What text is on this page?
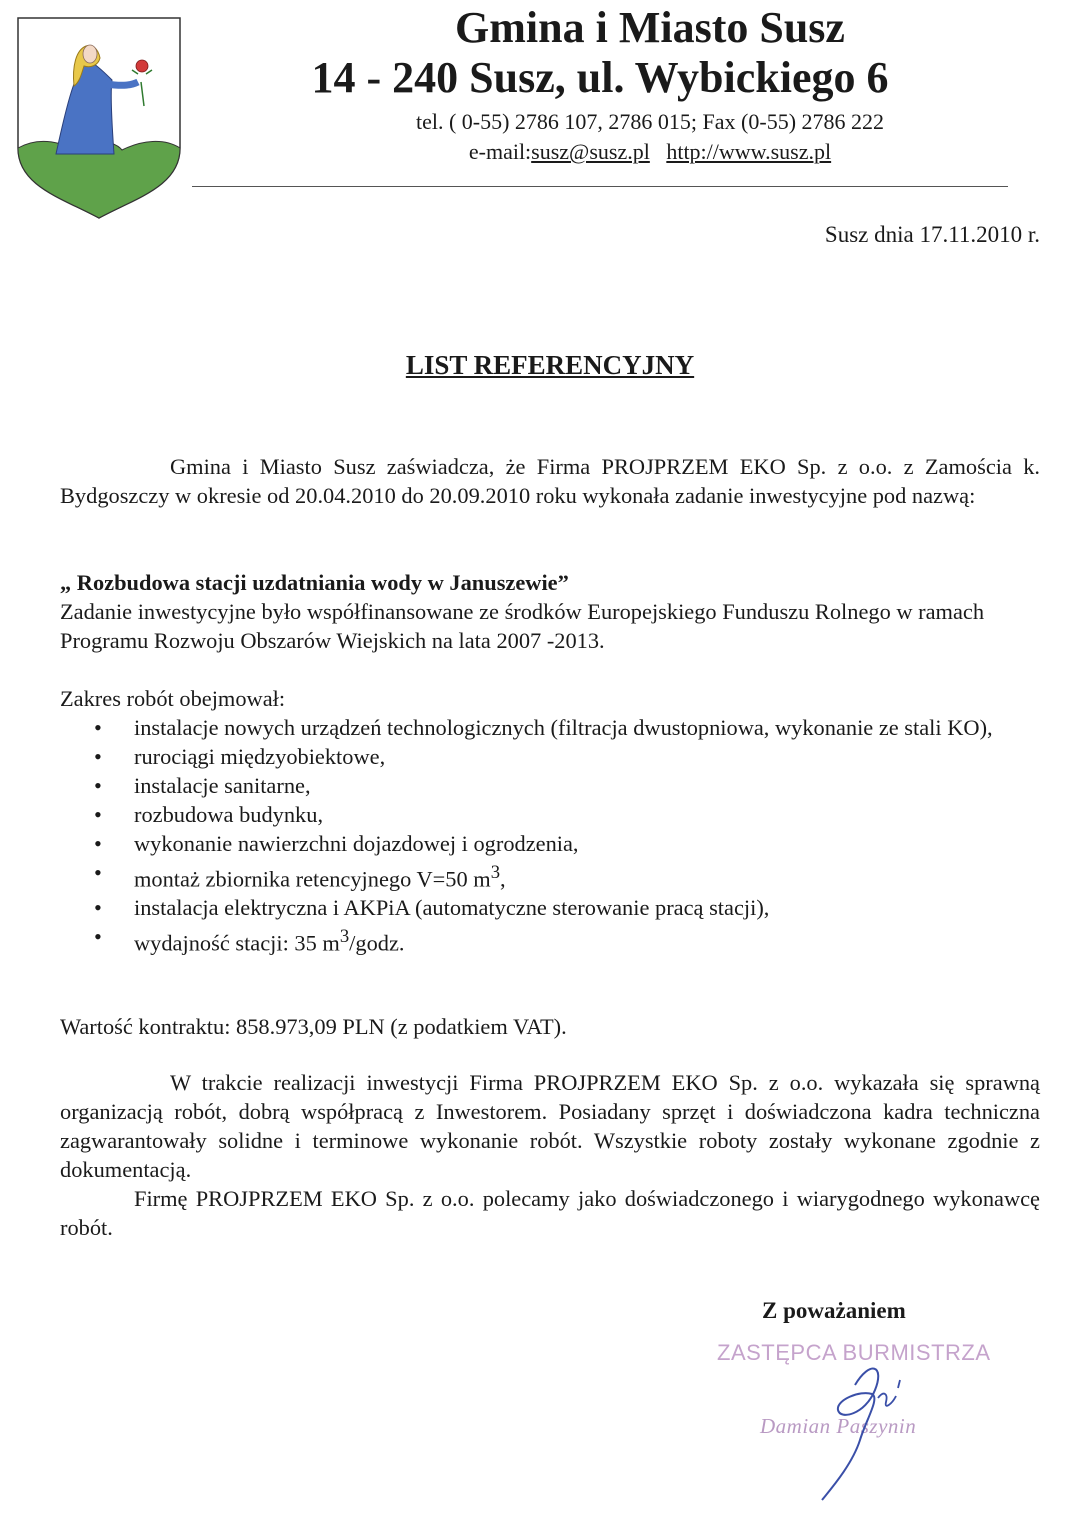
Gmina i Miasto Susz
14 - 240 Susz, ul. Wybickiego 6
tel. ( 0-55) 2786 107, 2786 015; Fax (0-55) 2786 222
e-mail:susz@susz.pl http://www.susz.pl
Susz dnia 17.11.2010 r.
LIST REFERENCYJNY

Gmina i Miasto Susz zaświadcza, że Firma PROJPRZEM EKO Sp. z o.o. z Zamościa k. Bydgoszczy w okresie od 20.04.2010 do 20.09.2010 roku wykonała zadanie inwestycyjne pod nazwą:

„ Rozbudowa stacji uzdatniania wody w Januszewie”

Zadanie inwestycyjne było współfinansowane ze środków Europejskiego Funduszu Rolnego w ramach Programu Rozwoju Obszarów Wiejskich na lata 2007 -2013.

Zakres robót obejmował:

• instalacje nowych urządzeń technologicznych (filtracja dwustopniowa, wykonanie ze stali KO),
• rurociągi międzyobiektowe,
• instalacje sanitarne,
• rozbudowa budynku,
• wykonanie nawierzchni dojazdowej i ogrodzenia,
• montaż zbiornika retencyjnego V=50 $m^3$,
• instalacja elektryczna i AKPiA (automatyczne sterowanie pracą stacji),
• wydajność stacji: 35 $m^3$/godz.

Wartość kontraktu: 858.973,09 PLN (z podatkiem VAT).

W trakcie realizacji inwestycji Firma PROJPRZEM EKO Sp. z o.o. wykazała się sprawną organizacją robót, dobrą współpracą z Inwestorem. Posiadany sprzęt i doświadczona kadra techniczna zagwarantowały solidne i terminowe wykonanie robót. Wszystkie roboty zostały wykonane zgodnie z dokumentacją.

Firmę PROJPRZEM EKO Sp. z o.o. polecamy jako doświadczonego i wiarygodnego wykonawcę robót.

Z poważaniem
ZASTĘPCA BURMISTRZA
Damian Paszynin
